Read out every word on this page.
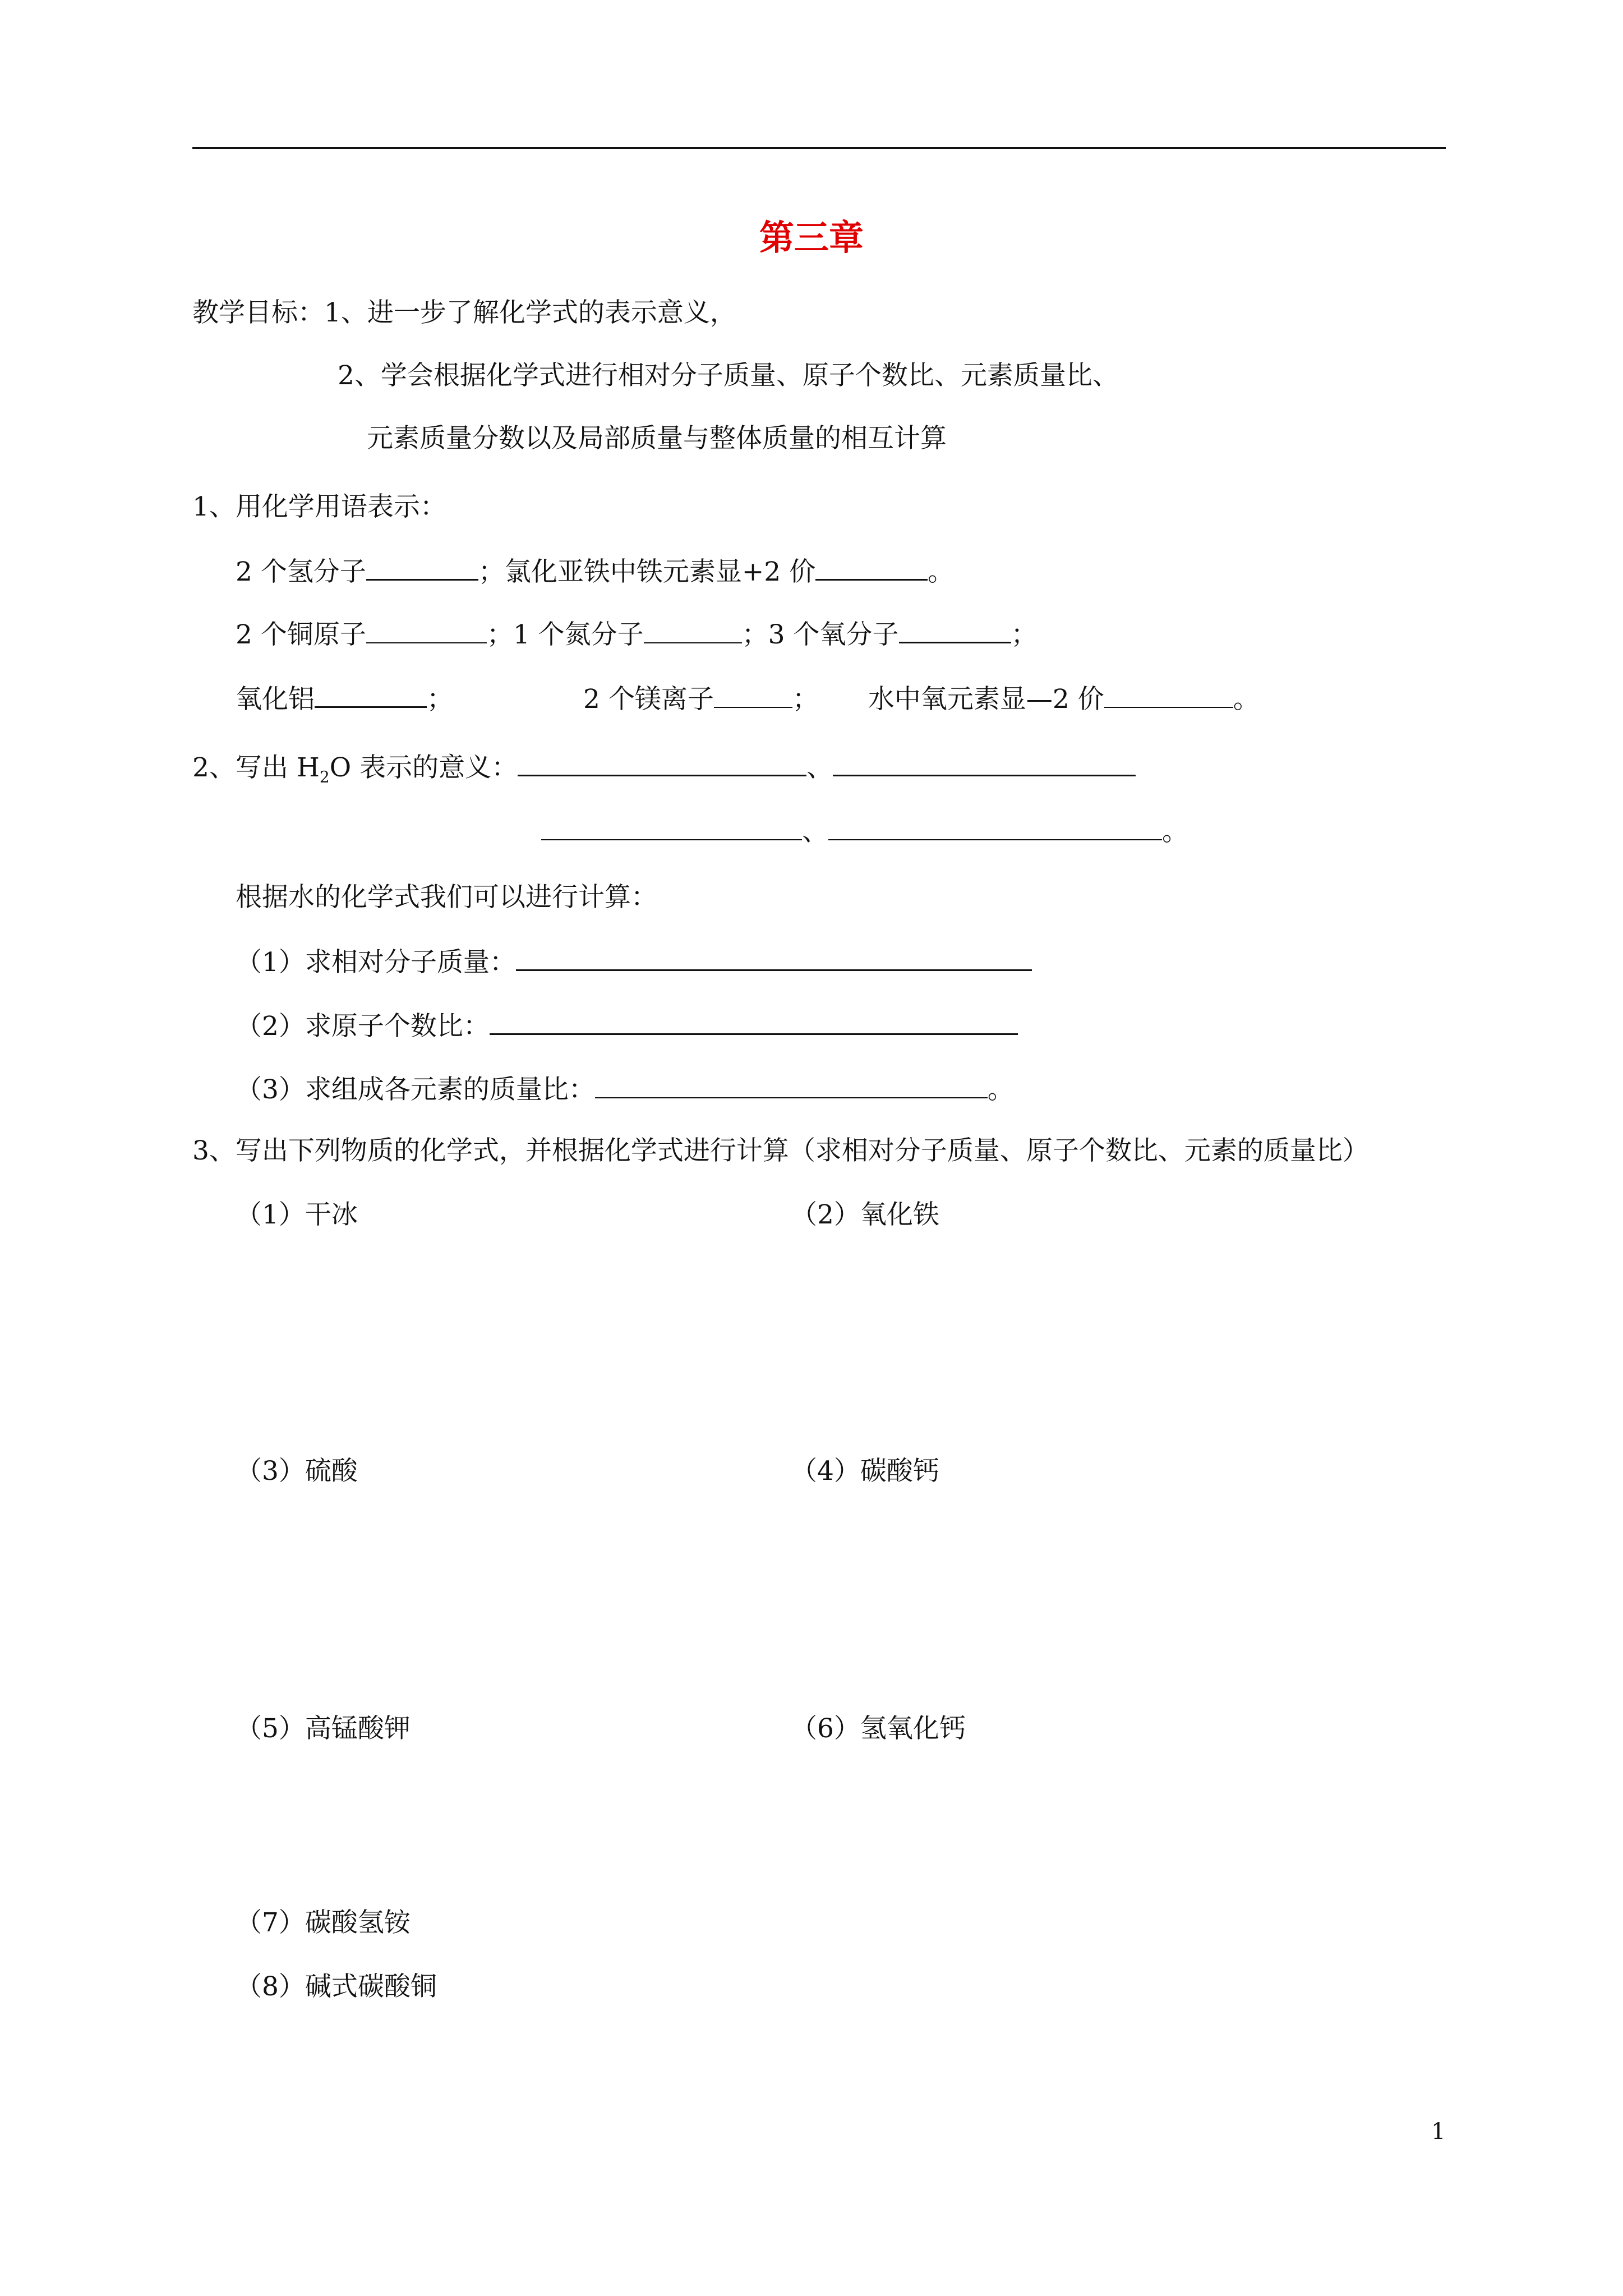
第三章
教学目标：1、进一步了解化学式的表示意义，
2、学会根据化学式进行相对分子质量、原子个数比、元素质量比、
元素质量分数以及局部质量与整体质量的相互计算
1、用化学用语表示：
2 个氢分子	；氯化亚铁中铁元素显+2 价	。
2 个铜原子	；1 个氮分子	；3 个氧分子	；
氧化铝	；	2 个镁离子	； 水中氧元素显—2 价	。
2、写出 $H_2O$ 表示的意义：	、
、	。
根据水的化学式我们可以进行计算：
（1）求相对分子质量：
（2）求原子个数比：
（3）求组成各元素的质量比：	。
3、写出下列物质的化学式，并根据化学式进行计算（求相对分子质量、原子个数比、元素的质量比）
（1）干冰	（2）氧化铁
（3）硫酸	（4）碳酸钙
（5）高锰酸钾	（6）氢氧化钙
（7）碳酸氢铵
（8）碱式碳酸铜
1
